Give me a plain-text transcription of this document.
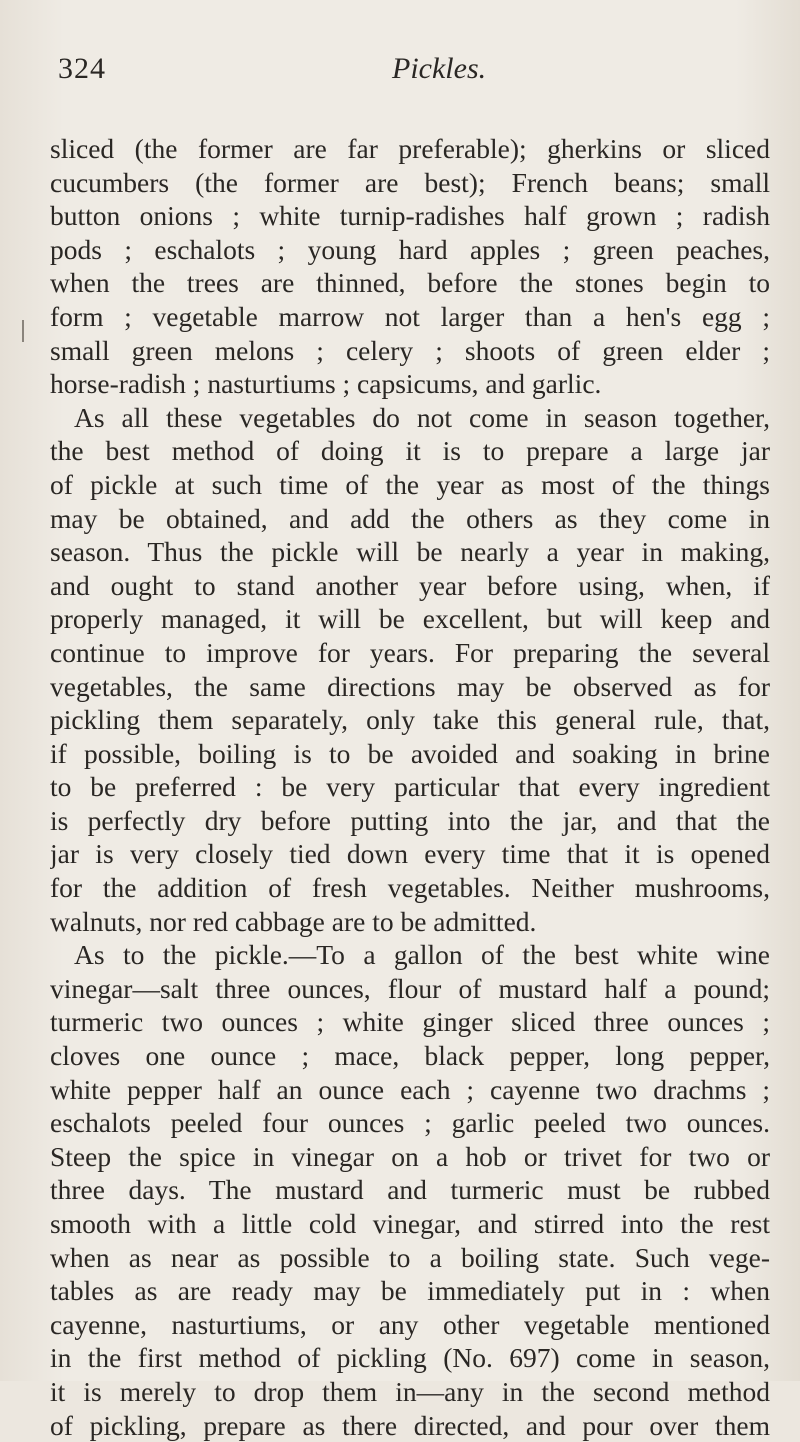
324	Pickles.
sliced (the former are far preferable); gherkins or sliced
cucumbers (the former are best); French beans; small
button onions ; white turnip-radishes half grown ; radish
pods ; eschalots ; young hard apples ; green peaches,
when the trees are thinned, before the stones begin to
form ; vegetable marrow not larger than a hen's egg ;
small green melons ; celery ; shoots of green elder ;
horse-radish ; nasturtiums ; capsicums, and garlic.
As all these vegetables do not come in season together,
the best method of doing it is to prepare a large jar
of pickle at such time of the year as most of the things
may be obtained, and add the others as they come in
season. Thus the pickle will be nearly a year in making,
and ought to stand another year before using, when, if
properly managed, it will be excellent, but will keep and
continue to improve for years. For preparing the several
vegetables, the same directions may be observed as for
pickling them separately, only take this general rule, that,
if possible, boiling is to be avoided and soaking in brine
to be preferred : be very particular that every ingredient
is perfectly dry before putting into the jar, and that the
jar is very closely tied down every time that it is opened
for the addition of fresh vegetables. Neither mushrooms,
walnuts, nor red cabbage are to be admitted.
As to the pickle.—To a gallon of the best white wine
vinegar—salt three ounces, flour of mustard half a pound;
turmeric two ounces ; white ginger sliced three ounces ;
cloves one ounce ; mace, black pepper, long pepper,
white pepper half an ounce each ; cayenne two drachms ;
eschalots peeled four ounces ; garlic peeled two ounces.
Steep the spice in vinegar on a hob or trivet for two or
three days. The mustard and turmeric must be rubbed
smooth with a little cold vinegar, and stirred into the rest
when as near as possible to a boiling state. Such vege-
tables as are ready may be immediately put in : when
cayenne, nasturtiums, or any other vegetable mentioned
in the first method of pickling (No. 697) come in season,
it is merely to drop them in—any in the second method
of pickling, prepare as there directed, and pour over them
